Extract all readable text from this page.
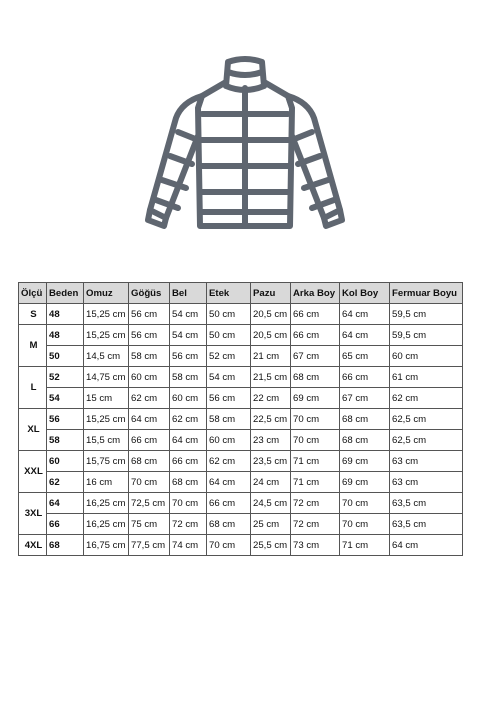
Ölçü	Beden	Omuz	Göğüs	Bel	Etek	Pazu	Arka Boy	Kol Boy	Fermuar Boyu
S	48	15,25 cm	56 cm	54 cm	50 cm	20,5 cm	66 cm	64 cm	59,5 cm
M	48	15,25 cm	56 cm	54 cm	50 cm	20,5 cm	66 cm	64 cm	59,5 cm
	50	14,5 cm	58 cm	56 cm	52 cm	21 cm	67 cm	65 cm	60 cm
L	52	14,75 cm	60 cm	58 cm	54 cm	21,5 cm	68 cm	66 cm	61 cm
	54	15 cm	62 cm	60 cm	56 cm	22 cm	69 cm	67 cm	62 cm
XL	56	15,25 cm	64 cm	62 cm	58 cm	22,5 cm	70 cm	68 cm	62,5 cm
	58	15,5 cm	66 cm	64 cm	60 cm	23 cm	70 cm	68 cm	62,5 cm
XXL	60	15,75 cm	68 cm	66 cm	62 cm	23,5 cm	71 cm	69 cm	63 cm
	62	16 cm	70 cm	68 cm	64 cm	24 cm	71 cm	69 cm	63 cm
3XL	64	16,25 cm	72,5 cm	70 cm	66 cm	24,5 cm	72 cm	70 cm	63,5 cm
	66	16,25 cm	75 cm	72 cm	68 cm	25 cm	72 cm	70 cm	63,5 cm
4XL	68	16,75 cm	77,5 cm	74 cm	70 cm	25,5 cm	73 cm	71 cm	64 cm
